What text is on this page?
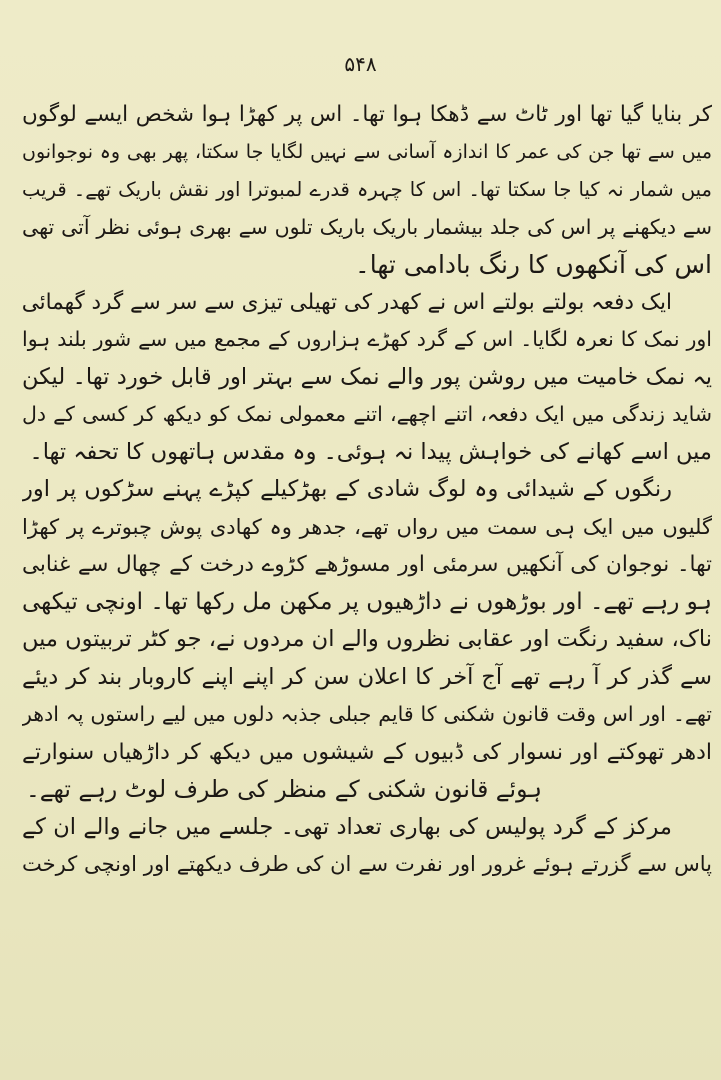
۵۴۸
کر بنایا گیا تھا اور ٹاٹ سے ڈھکا ہوا تھا۔ اس پر کھڑا ہوا شخص ایسے لوگوں
میں سے تھا جن کی عمر کا اندازہ آسانی سے نہیں لگایا جا سکتا، پھر بھی وہ نوجوانوں
میں شمار نہ کیا جا سکتا تھا۔ اس کا چہرہ قدرے لمبوترا اور نقش باریک تھے۔ قریب
سے دیکھنے پر اس کی جلد بیشمار باریک باریک تلوں سے بھری ہوئی نظر آتی تھی
اس کی آنکھوں کا رنگ بادامی تھا۔
ایک دفعہ بولتے بولتے اس نے کھدر کی تھیلی تیزی سے سر سے گرد گھمائی
اور نمک کا نعرہ لگایا۔ اس کے گرد کھڑے ہزاروں کے مجمع میں سے شور بلند ہوا
یہ نمک خامیت میں روشن پور والے نمک سے بہتر اور قابل خورد تھا۔ لیکن
شاید زندگی میں ایک دفعہ، اتنے اچھے، اتنے معمولی نمک کو دیکھ کر کسی کے دل
میں اسے کھانے کی خواہش پیدا نہ ہوئی۔ وہ مقدس ہاتھوں کا تحفہ تھا۔
رنگوں کے شیدائی وہ لوگ شادی کے بھڑکیلے کپڑے پہنے سڑکوں پر اور
گلیوں میں ایک ہی سمت میں رواں تھے، جدھر وہ کھادی پوش چبوترے پر کھڑا
تھا۔ نوجوان کی آنکھیں سرمئی اور مسوڑھے کڑوے درخت کے چھال سے غنابی
ہو رہے تھے۔ اور بوڑھوں نے داڑھیوں پر مکھن مل رکھا تھا۔ اونچی تیکھی
ناک، سفید رنگت اور عقابی نظروں والے ان مردوں نے، جو کٹر تربیتوں میں
سے گذر کر آ رہے تھے آج آخر کا اعلان سن کر اپنے اپنے کاروبار بند کر دیئے
تھے۔ اور اس وقت قانون شکنی کا قایم جبلی جذبہ دلوں میں لیے راستوں پہ ادھر
ادھر تھوکتے اور نسوار کی ڈبیوں کے شیشوں میں دیکھ کر داڑھیاں سنوارتے
ہوئے قانون شکنی کے منظر کی طرف لوٹ رہے تھے۔
مرکز کے گرد پولیس کی بھاری تعداد تھی۔ جلسے میں جانے والے ان کے
پاس سے گزرتے ہوئے غرور اور نفرت سے ان کی طرف دیکھتے اور اونچی کرخت
